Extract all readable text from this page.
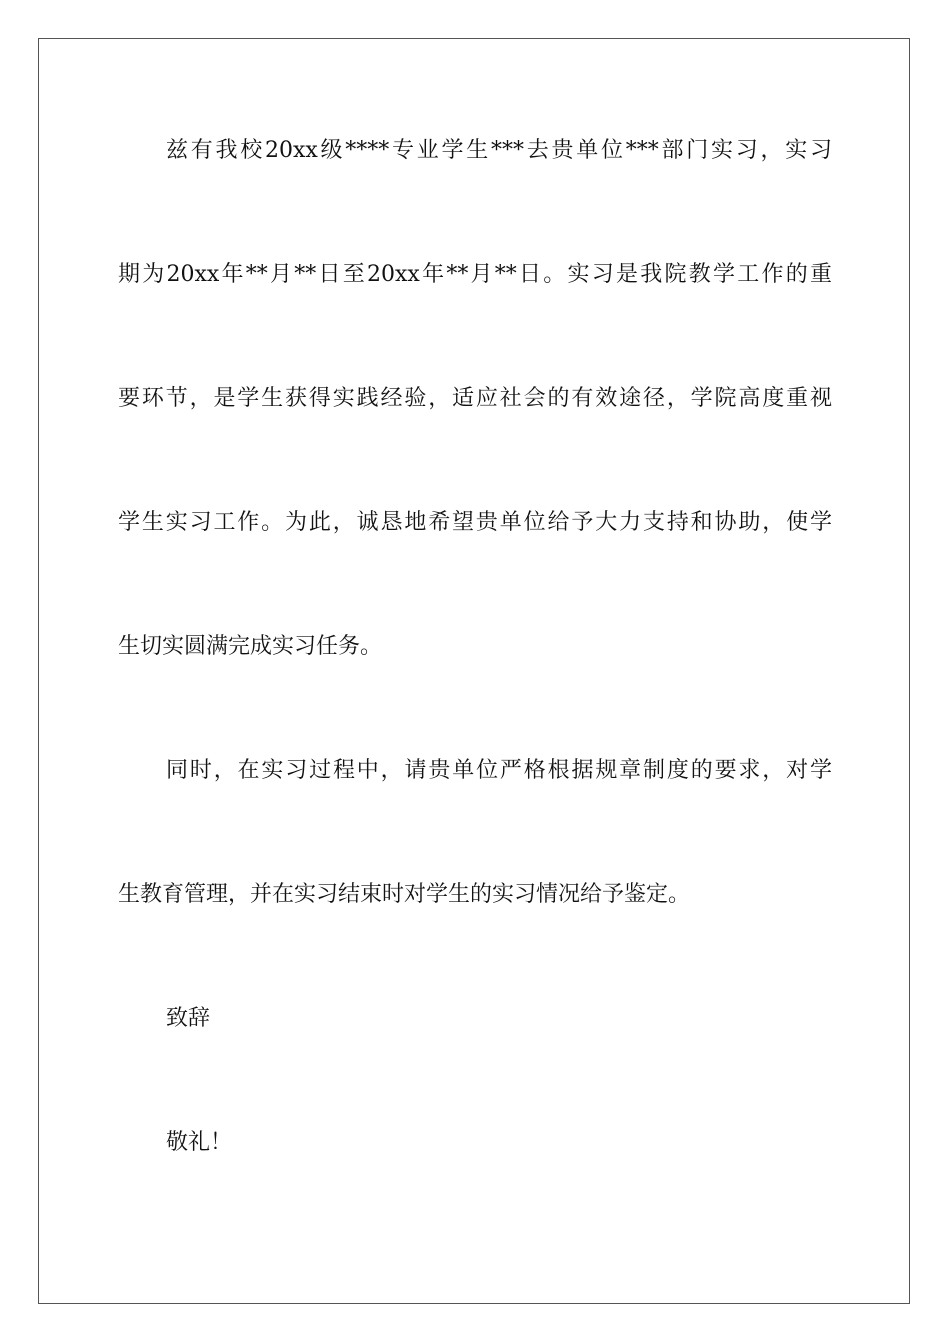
兹有我校20xx级****专业学生***去贵单位***部门实习，实习
期为20xx年**月**日至20xx年**月**日。实习是我院教学工作的重
要环节，是学生获得实践经验，适应社会的有效途径，学院高度重视
学生实习工作。为此，诚恳地希望贵单位给予大力支持和协助，使学
生切实圆满完成实习任务。
同时，在实习过程中，请贵单位严格根据规章制度的要求，对学
生教育管理，并在实习结束时对学生的实习情况给予鉴定。
致辞
敬礼！
